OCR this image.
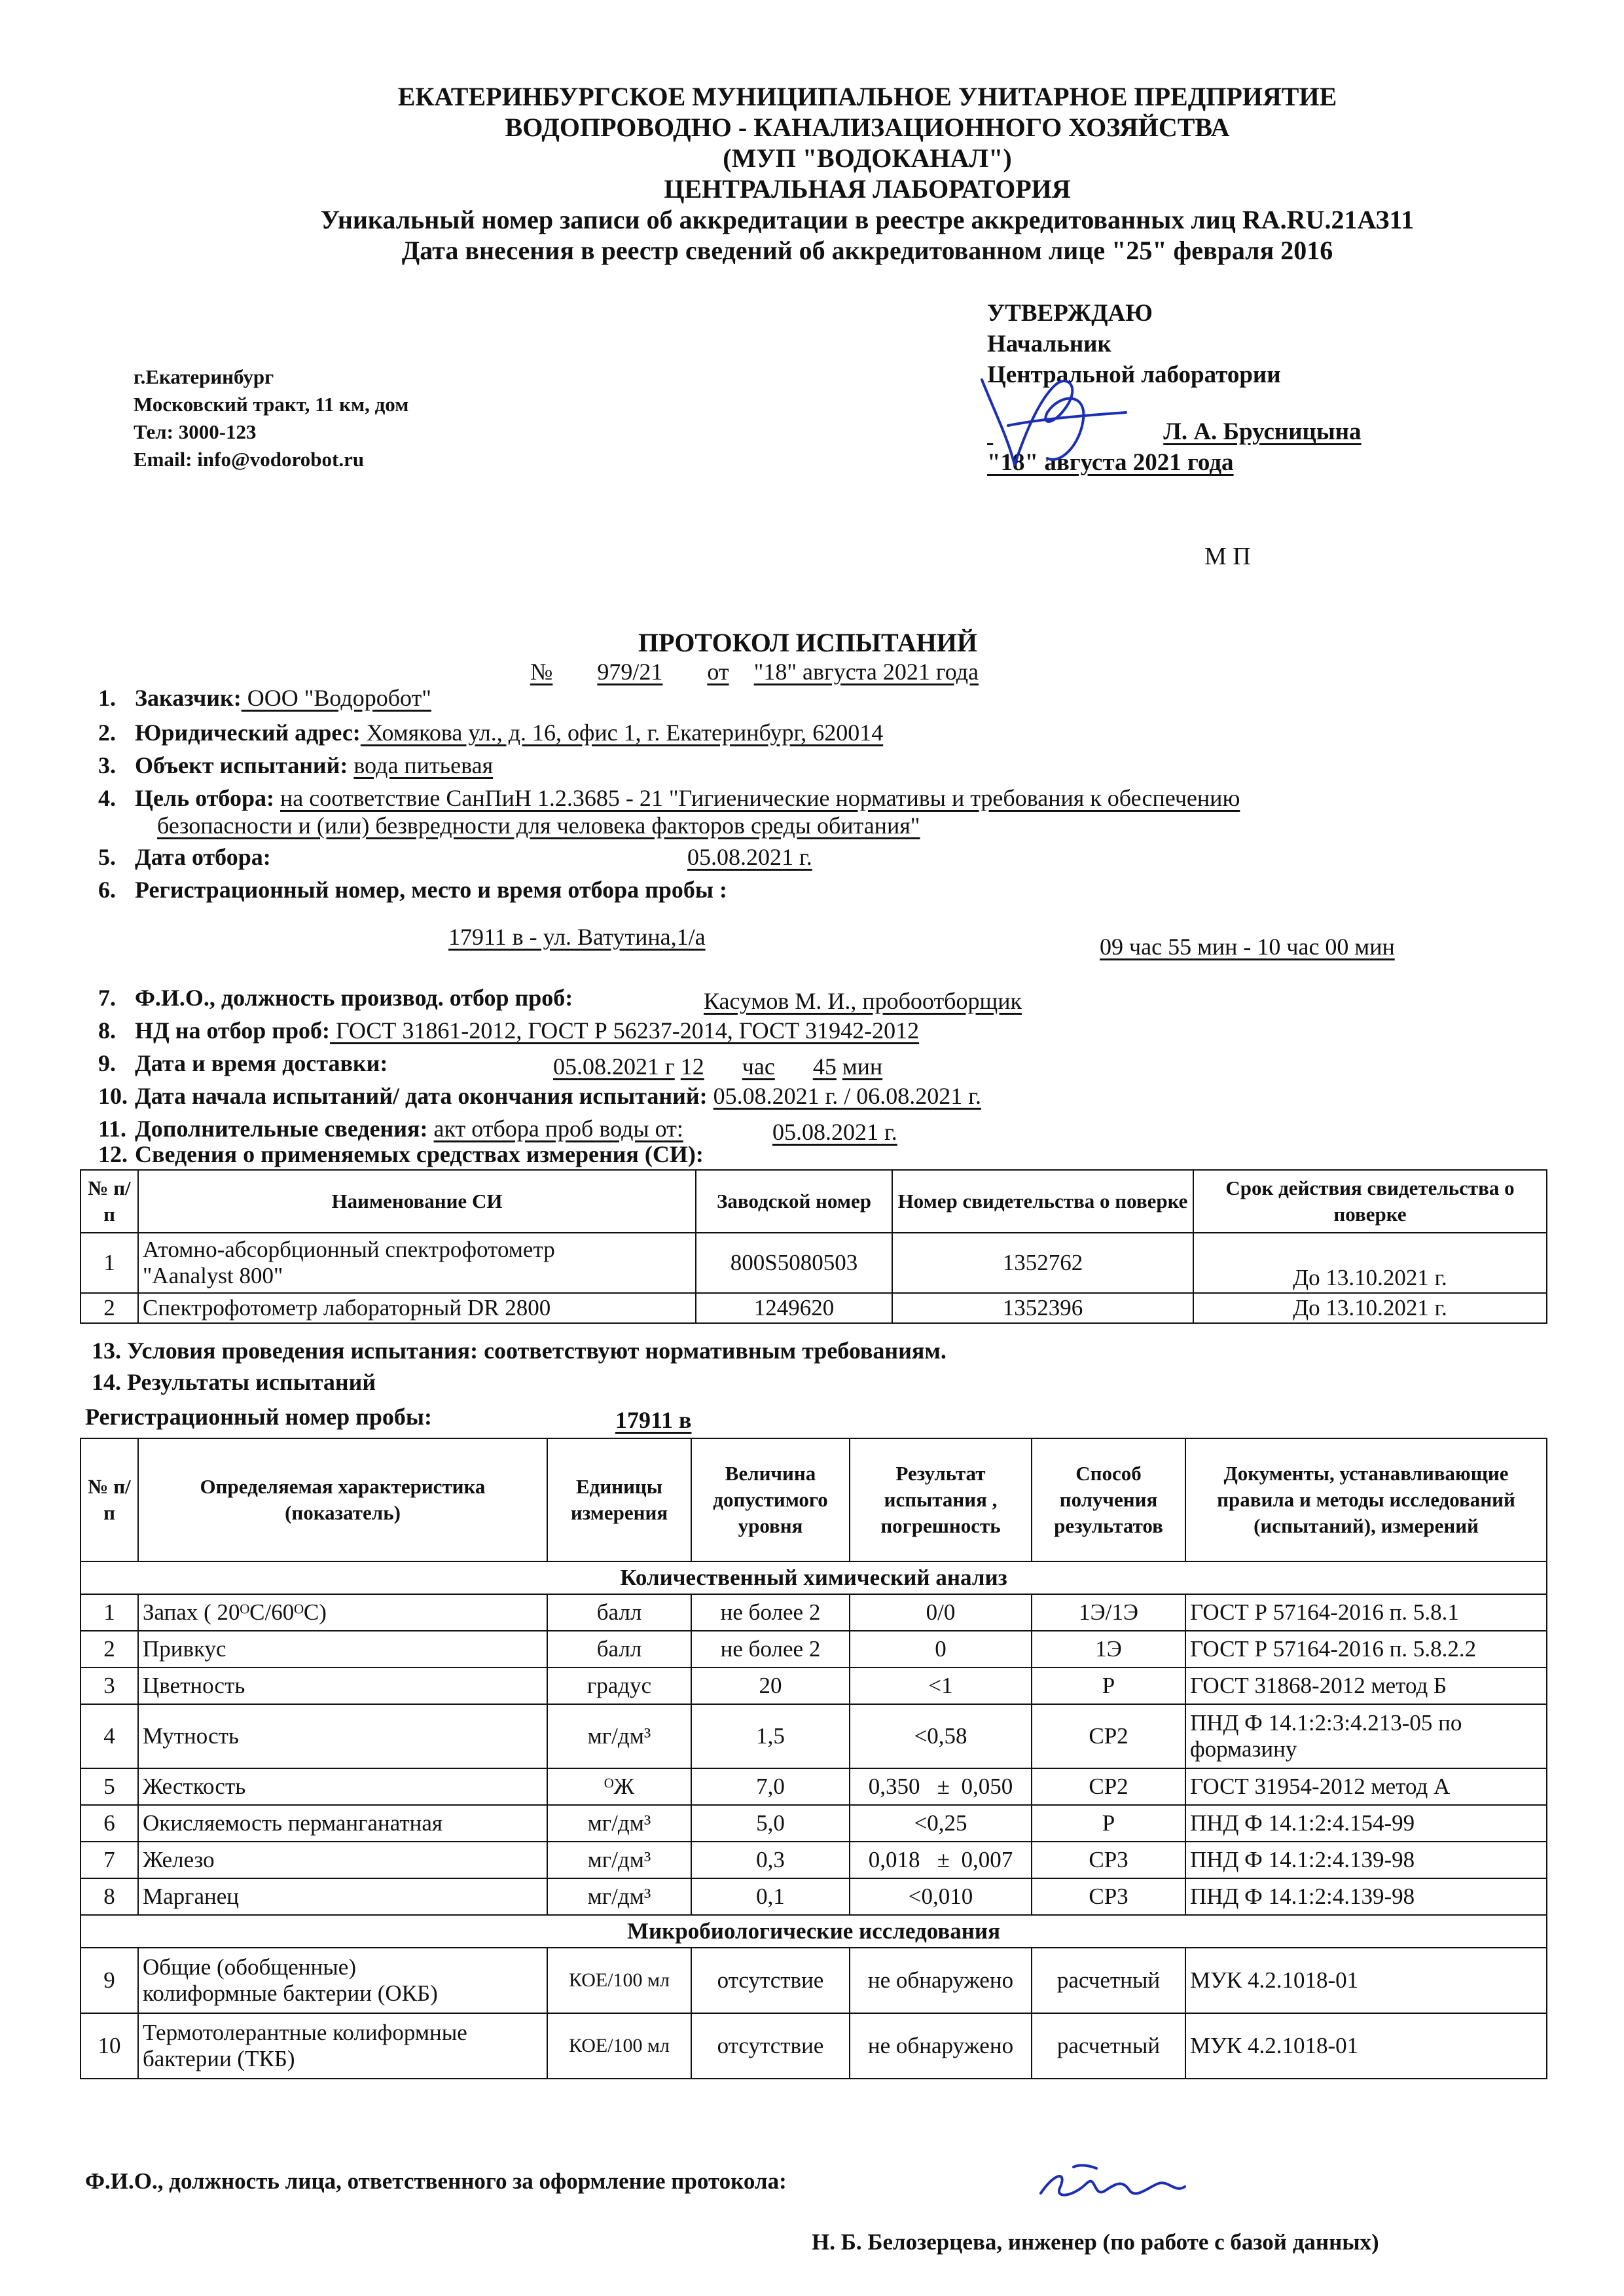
ЕКАТЕРИНБУРГСКОЕ МУНИЦИПАЛЬНОЕ УНИТАРНОЕ ПРЕДПРИЯТИЕ
ВОДОПРОВОДНО - КАНАЛИЗАЦИОННОГО ХОЗЯЙСТВА
(МУП "ВОДОКАНАЛ")
ЦЕНТРАЛЬНАЯ ЛАБОРАТОРИЯ
Уникальный номер записи об аккредитации в реестре аккредитованных лиц RA.RU.21АЗ11
Дата внесения в реестр сведений об аккредитованном лице "25" февраля 2016
г.Екатеринбург
Московский тракт, 11 км, дом
Тел: 3000-123
Email: info@vodorobot.ru
УТВЕРЖДАЮ
Начальник
Центральной лаборатории
Л. А. Брусницына
"18" августа 2021 года
М П
ПРОТОКОЛ ИСПЫТАНИЙ
№ 979/21 от "18" августа 2021 года
1. Заказчик: ООО "Водоробот"
2. Юридический адрес: Хомякова ул., д. 16, офис 1, г. Екатеринбург, 620014
3. Объект испытаний: вода питьевая
4. Цель отбора: на соответствие СанПиН 1.2.3685 - 21 "Гигиенические нормативы и требования к обеспечению
безопасности и (или) безвредности для человека факторов среды обитания"
5. Дата отбора:	05.08.2021 г.
6. Регистрационный номер, место и время отбора пробы :
17911 в - ул. Ватутина,1/а	09 час 55 мин - 10 час 00 мин
7. Ф.И.О., должность производ. отбор проб:	Касумов М. И., пробоотборщик
8. НД на отбор проб: ГОСТ 31861-2012, ГОСТ Р 56237-2014, ГОСТ 31942-2012
9. Дата и время доставки:	05.08.2021 г 12 час 45 мин
10. Дата начала испытаний/ дата окончания испытаний: 05.08.2021 г. / 06.08.2021 г.
11. Дополнительные сведения: акт отбора проб воды от:	05.08.2021 г.
12. Сведения о применяемых средствах измерения (СИ):
№ п/п	Наименование СИ	Заводской номер	Номер свидетельства о поверке	Срок действия свидетельства о поверке
1	Атомно-абсорбционный спектрофотометр
"Aanalyst 800"	800S5080503	1352762	До 13.10.2021 г.
2	Спектрофотометр лабораторный DR 2800	1249620	1352396	До 13.10.2021 г.
13. Условия проведения испытания: соответствуют нормативным требованиям.
14. Результаты испытаний
Регистрационный номер пробы:	17911 в
№ п/п	Определяемая характеристика (показатель)	Единицы измерения	Величина допустимого уровня	Результат испытания , погрешность	Способ получения результатов	Документы, устанавливающие правила и методы исследований (испытаний), измерений
Количественный химический анализ						
1	Запах ( 20ᴼС/60ᴼС)	балл	не более 2	0/0	1Э/1Э	ГОСТ Р 57164-2016 п. 5.8.1
2	Привкус	балл	не более 2	0	1Э	ГОСТ Р 57164-2016 п. 5.8.2.2
3	Цветность	градус	20	<1	Р	ГОСТ 31868-2012 метод Б
4	Мутность	мг/дм³	1,5	<0,58	СР2	ПНД Ф 14.1:2:3:4.213-05 по формазину
5	Жесткость	ᴼЖ	7,0	0,350   ±  0,050	СР2	ГОСТ 31954-2012 метод А
6	Окисляемость перманганатная	мг/дм³	5,0	<0,25	Р	ПНД Ф 14.1:2:4.154-99
7	Железо	мг/дм³	0,3	0,018   ±  0,007	СР3	ПНД Ф 14.1:2:4.139-98
8	Марганец	мг/дм³	0,1	<0,010	СР3	ПНД Ф 14.1:2:4.139-98
Микробиологические исследования						
9	Общие (обобщенные)
колиформные бактерии (ОКБ)	КОЕ/100 мл	отсутствие	не обнаружено	расчетный	МУК 4.2.1018-01
10	Термотолерантные колиформные
бактерии (ТКБ)	КОЕ/100 мл	отсутствие	не обнаружено	расчетный	МУК 4.2.1018-01
Ф.И.О., должность лица, ответственного за оформление протокола:
Н. Б. Белозерцева, инженер (по работе с базой данных)
